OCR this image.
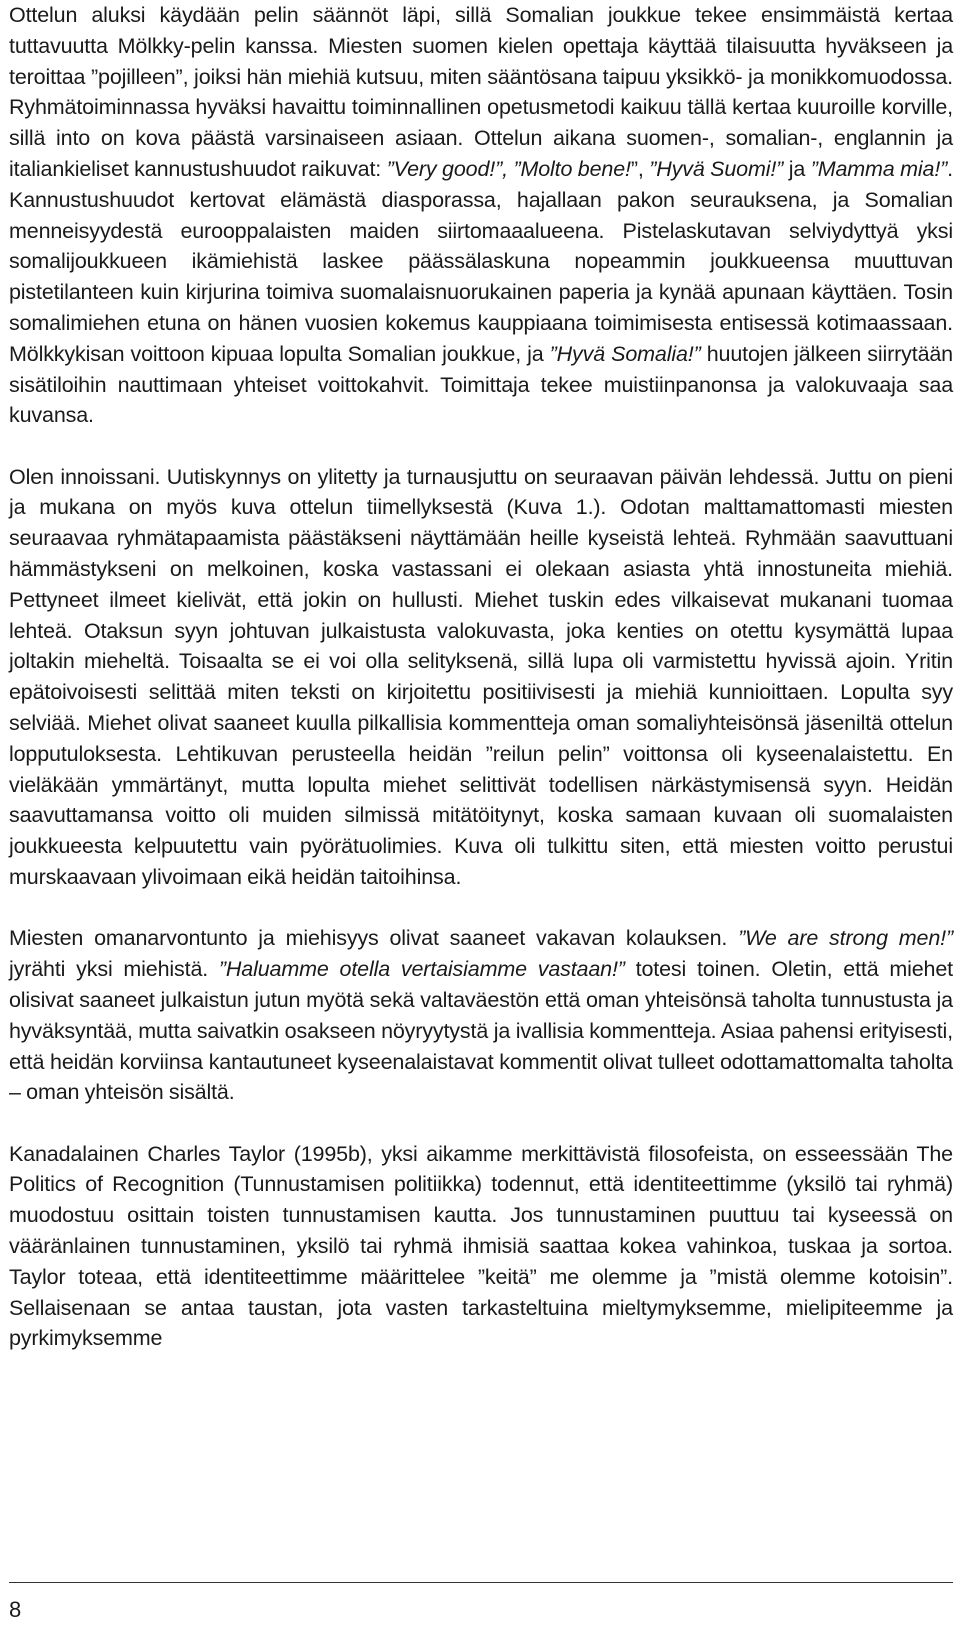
Ottelun aluksi käydään pelin säännöt läpi, sillä Somalian joukkue tekee ensimmäistä kertaa tuttavuutta Mölkky-pelin kanssa. Miesten suomen kielen opettaja käyttää tilaisuutta hyväkseen ja teroittaa ”pojilleen”, joiksi hän miehiä kutsuu, miten sääntösana taipuu yksikkö- ja monikkomuodossa. Ryhmätoiminnassa hyväksi havaittu toiminnallinen opetusmetodi kaikuu tällä kertaa kuuroille korville, sillä into on kova päästä varsinaiseen asiaan. Ottelun aikana suomen-, somalian-, englannin ja italiankieliset kannustushuudot raikuvat: ”Very good!”, ”Molto bene!”, ”Hyvä Suomi!” ja ”Mamma mia!”. Kannustushuudot kertovat elämästä diasporassa, hajallaan pakon seurauksena, ja Somalian menneisyydestä eurooppalaisten maiden siirtomaaalueena. Pistelaskutavan selviydyttyä yksi somalijoukkueen ikämiehistä laskee päässälaskuna nopeammin joukkueensa muuttuvan pistetilanteen kuin kirjurina toimiva suomalaisnuorukainen paperia ja kynää apunaan käyttäen. Tosin somalimiehen etuna on hänen vuosien kokemus kauppiaana toimimisesta entisessä kotimaassaan. Mölkkykisan voittoon kipuaa lopulta Somalian joukkue, ja ”Hyvä Somalia!” huutojen jälkeen siirrytään sisätiloihin nauttimaan yhteiset voittokahvit. Toimittaja tekee muistiinpanonsa ja valokuvaaja saa kuvansa.

Olen innoissani. Uutiskynnys on ylitetty ja turnausjuttu on seuraavan päivän lehdessä. Juttu on pieni ja mukana on myös kuva ottelun tiimellyksestä (Kuva 1.). Odotan malttamattomasti miesten seuraavaa ryhmätapaamista päästäkseni näyttämään heille kyseistä lehteä. Ryhmään saavuttuani hämmästykseni on melkoinen, koska vastassani ei olekaan asiasta yhtä innostuneita miehiä. Pettyneet ilmeet kielivät, että jokin on hullusti. Miehet tuskin edes vilkaisevat mukanani tuomaa lehteä. Otaksun syyn johtuvan julkaistusta valokuvasta, joka kenties on otettu kysymättä lupaa joltakin mieheltä. Toisaalta se ei voi olla selityksenä, sillä lupa oli varmistettu hyvissä ajoin. Yritin epätoivoisesti selittää miten teksti on kirjoitettu positiivisesti ja miehiä kunnioittaen. Lopulta syy selviää. Miehet olivat saaneet kuulla pilkallisia kommentteja oman somaliyhteisönsä jäseniltä ottelun lopputuloksesta. Lehtikuvan perusteella heidän ”reilun pelin” voittonsa oli kyseenalaistettu. En vieläkään ymmärtänyt, mutta lopulta miehet selittivät todellisen närkästymisensä syyn. Heidän saavuttamansa voitto oli muiden silmissä mitätöitynyt, koska samaan kuvaan oli suomalaisten joukkueesta kelpuutettu vain pyörätuolimies. Kuva oli tulkittu siten, että miesten voitto perustui murskaavaan ylivoimaan eikä heidän taitoihinsa.

Miesten omanarvontunto ja miehisyys olivat saaneet vakavan kolauksen. ”We are strong men!” jyrähti yksi miehistä. ”Haluamme otella vertaisiamme vastaan!” totesi toinen. Oletin, että miehet olisivat saaneet julkaistun jutun myötä sekä valtaväestön että oman yhteisönsä taholta tunnustusta ja hyväksyntää, mutta saivatkin osakseen nöyryytystä ja ivallisia kommentteja. Asiaa pahensi erityisesti, että heidän korviinsa kantautuneet kyseenalaistavat kommentit olivat tulleet odottamattomalta taholta – oman yhteisön sisältä.

Kanadalainen Charles Taylor (1995b), yksi aikamme merkittävistä filosofeista, on esseessään The Politics of Recognition (Tunnustamisen politiikka) todennut, että identiteettimme (yksilö tai ryhmä) muodostuu osittain toisten tunnustamisen kautta. Jos tunnustaminen puuttuu tai kyseessä on vääränlainen tunnustaminen, yksilö tai ryhmä ihmisiä saattaa kokea vahinkoa, tuskaa ja sortoa. Taylor toteaa, että identiteettimme määrittelee ”keitä” me olemme ja ”mistä olemme kotoisin”. Sellaisenaan se antaa taustan, jota vasten tarkasteltuina mieltymyksemme, mielipiteemme ja pyrkimyksemme

8
